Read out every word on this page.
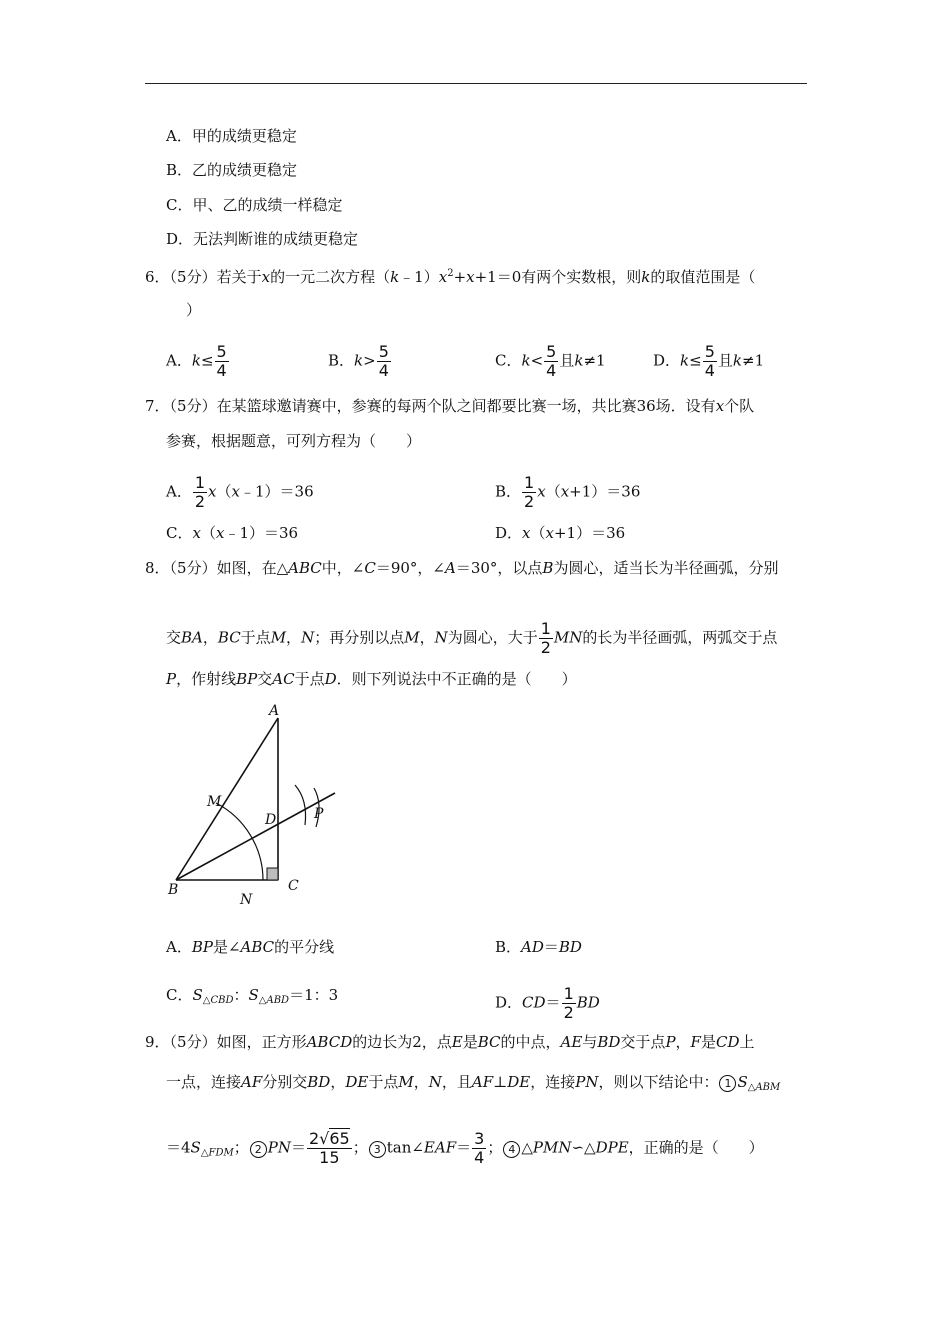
A．甲的成绩更稳定
B．乙的成绩更稳定
C．甲、乙的成绩一样稳定
D．无法判断谁的成绩更稳定
6．（5分）若关于x的一元二次方程$(k﹣1)x^2+x+1=0$有两个实数根，则k的取值范围是（
）
A．$k\le \frac{5}{4}$	B．$k> \frac{5}{4}$	C．$k< \frac{5}{4}$ 且k≠1	D．$k\le \frac{5}{4}$ 且k≠1
7．（5分）在某篮球邀请赛中，参赛的每两个队之间都要比赛一场，共比赛36场．设有x个队
参赛，根据题意，可列方程为（　　）
A． $\frac{1}{2}$ x（x﹣1）＝36	B． $\frac{1}{2} x(x+1)=36$
C．x（x﹣1）＝36	D．x（x+1）＝36
8．（5分）如图，在△ABC中，∠C＝90°，∠A＝30°，以点B为圆心，适当长为半径画弧，分别
交BA，BC于点M，N；再分别以点M，N为圆心，大于 $\frac{1}{2}$ MN的长为半径画弧，两弧交于点
P，作射线BP交AC于点D．则下列说法中不正确的是（　　）
A
M
D	P
B
N
C
A．BP是∠ABC的平分线	B．AD＝BD
C．$S_{\triangle CBD}$：$S_{\triangle ABD}=1$：3	D．$CD= \frac{1}{2}$ BD
9．（5分）如图，正方形ABCD的边长为2，点E是BC的中点，AE与BD交于点P，F是CD上
一点，连接AF分别交BD，DE于点M，N，且AF⊥DE，连接PN，则以下结论中： 1 $S_{\triangle ABM}$
$=4S_{\triangle FDM}$； 2 $PN= \frac{2√65}{15}$ ； 3 tan∠EAF＝ $\frac{3}{4}$ ； 4 △PMN∽△DPE，正确的是（　　）
